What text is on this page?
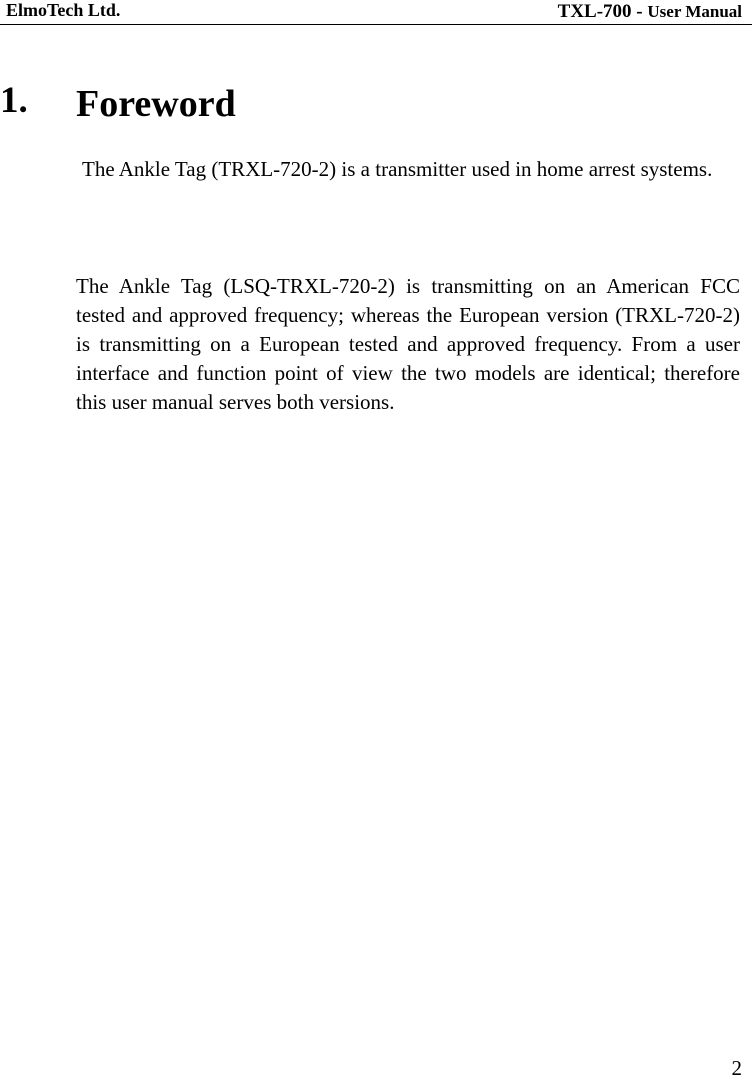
ElmoTech Ltd.	TXL-700 - User Manual
1. Foreword

The Ankle Tag (TRXL-720-2) is a transmitter used in home arrest systems.

The Ankle Tag (LSQ-TRXL-720-2) is transmitting on an American FCC tested and approved frequency; whereas the European version (TRXL-720-2) is transmitting on a European tested and approved frequency. From a user interface and function point of view the two models are identical; therefore this user manual serves both versions.

2
